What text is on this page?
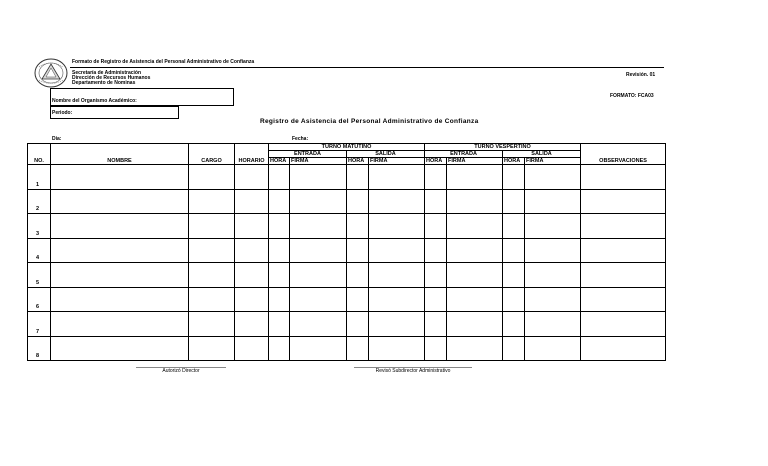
Formato de Registro de Asistencia del Personal Administrativo de Confianza
Secretaría de Administración
Dirección de Recursos Humanos
Departamento de Nominas
Revisión. 01
FORMATO: FCA03
Nombre del Organismo Académico:
Periodo:
Registro de Asistencia del Personal Administrativo de Confianza
Dia:	Fecha:
NO.	NOMBRE	CARGO	HORARIO	TURNO MATUTINO				TURNO VESPERTINO				OBSERVACIONES
				ENTRADA		SALIDA		ENTRADA		SALIDA		
				HORA	FIRMA	HORA	FIRMA	HORA	FIRMA	HORA	FIRMA	
1												
2												
3												
4												
5												
6												
7												
8												
Autorizó Director	Revisó Subdirector Administrativo
